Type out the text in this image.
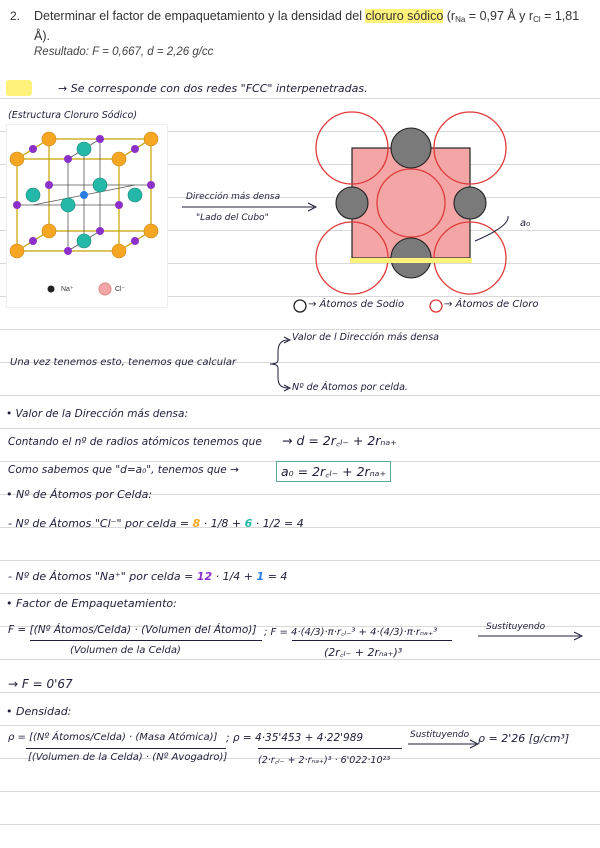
2. Determinar el factor de empaquetamiento y la densidad del cloruro sódico ($r_{Na} = 0,97$ Å y $r_{Cl} = 1,81$ Å).
Resultado: F = 0,667, d = 2,26 g/cc
→ Se corresponde con dos redes "FCC" interpenetradas.
(Estructura Cloruro Sódico)
Na⁺	Cl⁻
Dirección más densa
"Lado del Cubo"	a₀
→ Átomos de Sodio	→ Átomos de Cloro
Una vez tenemos esto, tenemos que calcular
Valor de l Dirección más densa
Nº de Átomos por celda.
• Valor de la Dirección más densa:
Contando el nº de radios atómicos tenemos que → d = 2r꜀ₗ₋ + 2rₙₐ₊
Como sabemos que "d=a₀", tenemos que →	a₀ = 2r꜀ₗ₋ + 2rₙₐ₊
• Nº de Átomos por Celda:
- Nº de Átomos "Cl⁻" por celda = 8 · 1/8 + 6 · 1/2 = 4
- Nº de Átomos "Na⁺" por celda = 12 · 1/4 + 1 = 4
• Factor de Empaquetamiento:
F = [(Nº Átomos/Celda) · (Volumen del Átomo)]
(Volumen de la Celda)
; F = 4·(4/3)·π·r꜀ₗ₋³ + 4·(4/3)·π·rₙₐ₊³
(2r꜀ₗ₋ + 2rₙₐ₊)³
Sustituyendo
→ F = 0'67
• Densidad:
ρ = [(Nº Átomos/Celda) · (Masa Atómica)]
[(Volumen de la Celda) · (Nº Avogadro)]
; ρ = 4·35'453 + 4·22'989
(2·r꜀ₗ₋ + 2·rₙₐ₊)³ · 6'022·10²³
Sustituyendo ρ = 2'26 [g/cm³]
